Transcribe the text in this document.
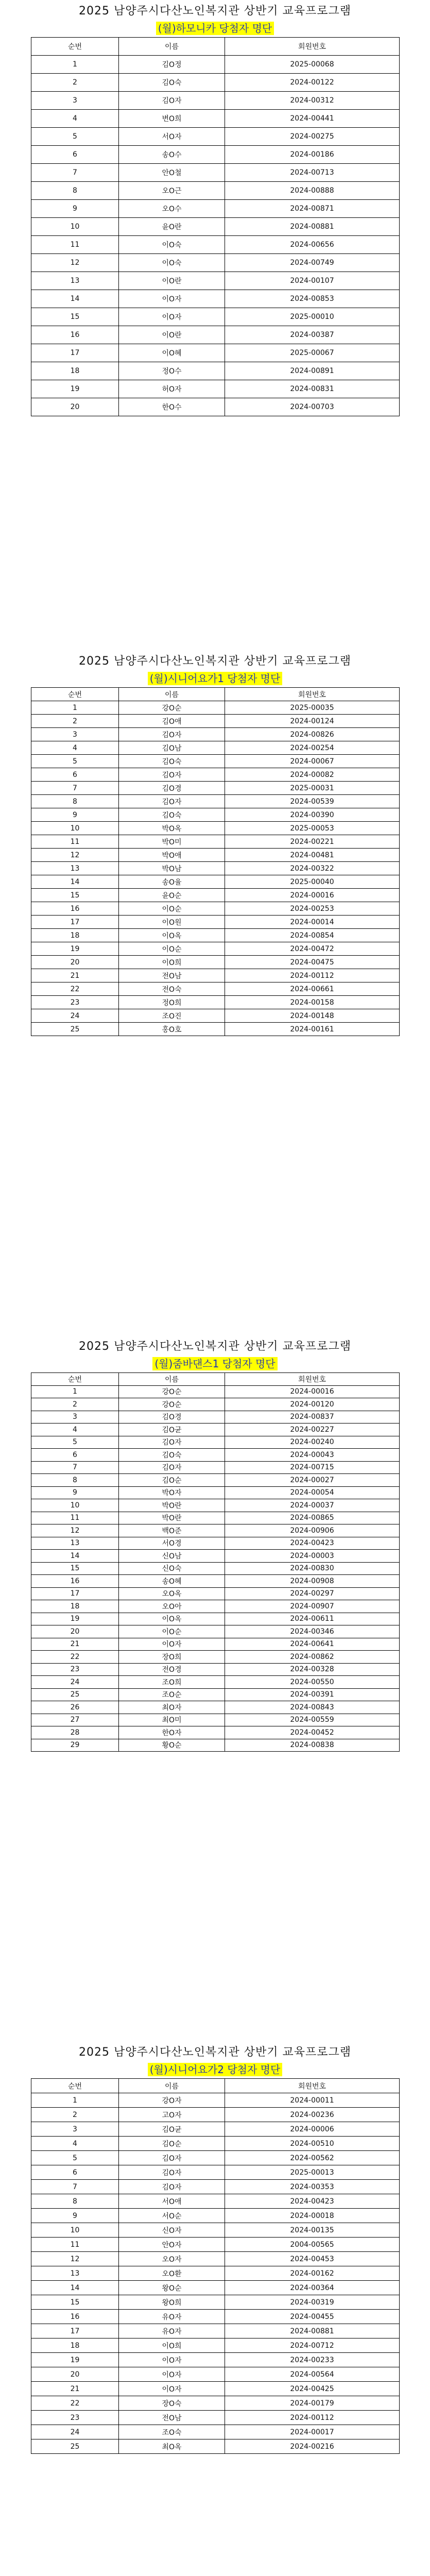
2025 남양주시다산노인복지관 상반기 교육프로그램
(월)하모니카 당첨자 명단
순번	이름	회원번호
1	김O정	2025-00068
2	김O숙	2024-00122
3	김O자	2024-00312
4	변O희	2024-00441
5	서O자	2024-00275
6	송O수	2024-00186
7	안O철	2024-00713
8	오O근	2024-00888
9	오O수	2024-00871
10	윤O란	2024-00881
11	이O숙	2024-00656
12	이O숙	2024-00749
13	이O란	2024-00107
14	이O자	2024-00853
15	이O자	2025-00010
16	이O란	2024-00387
17	이O혜	2025-00067
18	정O수	2024-00891
19	허O자	2024-00831
20	한O수	2024-00703
2025 남양주시다산노인복지관 상반기 교육프로그램
(월)시니어요가1 당첨자 명단
순번	이름	회원번호
1	강O순	2025-00035
2	김O애	2024-00124
3	김O자	2024-00826
4	김O남	2024-00254
5	김O숙	2024-00067
6	김O자	2024-00082
7	김O경	2025-00031
8	김O자	2024-00539
9	김O숙	2024-00390
10	박O옥	2025-00053
11	박O미	2024-00221
12	박O애	2024-00481
13	박O남	2024-00322
14	송O율	2025-00040
15	윤O순	2024-00016
16	이O순	2024-00253
17	이O원	2024-00014
18	이O옥	2024-00854
19	이O순	2024-00472
20	이O희	2024-00475
21	전O남	2024-00112
22	전O숙	2024-00661
23	정O희	2024-00158
24	조O진	2024-00148
25	홍O호	2024-00161
2025 남양주시다산노인복지관 상반기 교육프로그램
(월)줌바댄스1 당첨자 명단
순번	이름	회원번호
1	강O순	2024-00016
2	강O순	2024-00120
3	김O경	2024-00837
4	김O균	2024-00227
5	김O자	2024-00240
6	김O숙	2024-00043
7	김O자	2024-00715
8	김O순	2024-00027
9	박O자	2024-00054
10	박O란	2024-00037
11	박O란	2024-00865
12	백O준	2024-00906
13	서O경	2024-00423
14	신O남	2024-00003
15	신O숙	2024-00830
16	송O혜	2024-00908
17	오O옥	2024-00297
18	오O아	2024-00907
19	이O옥	2024-00611
20	이O순	2024-00346
21	이O자	2024-00641
22	장O희	2024-00862
23	전O경	2024-00328
24	조O희	2024-00550
25	조O순	2024-00391
26	최O자	2024-00843
27	최O미	2024-00559
28	한O자	2024-00452
29	황O순	2024-00838
2025 남양주시다산노인복지관 상반기 교육프로그램
(월)시니어요가2 당첨자 명단
순번	이름	회원번호
1	강O자	2024-00011
2	고O자	2024-00236
3	김O균	2024-00006
4	김O순	2024-00510
5	김O자	2024-00562
6	김O자	2025-00013
7	김O자	2024-00353
8	서O애	2024-00423
9	서O순	2024-00018
10	신O자	2024-00135
11	안O자	2004-00565
12	오O자	2024-00453
13	오O환	2024-00162
14	왕O순	2024-00364
15	왕O희	2024-00319
16	유O자	2024-00455
17	유O자	2024-00881
18	이O희	2024-00712
19	이O자	2024-00233
20	이O자	2024-00564
21	이O자	2024-00425
22	장O숙	2024-00179
23	전O남	2024-00112
24	조O숙	2024-00017
25	최O옥	2024-00216
